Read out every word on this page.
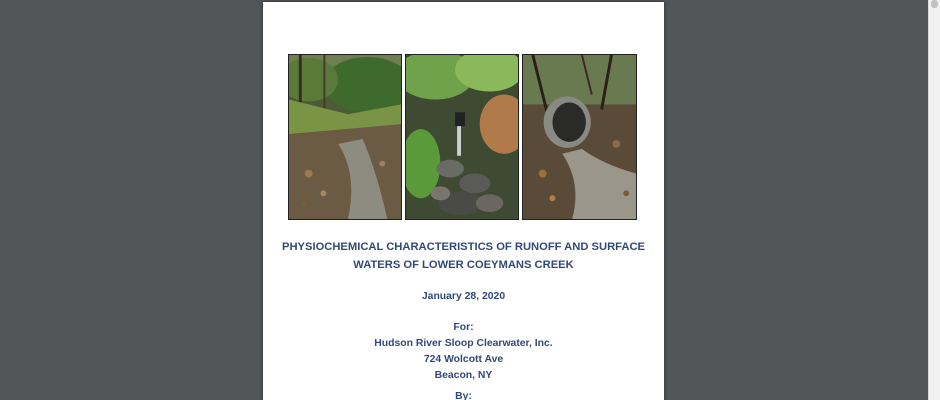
PHYSIOCHEMICAL CHARACTERISTICS OF RUNOFF AND SURFACE
WATERS OF LOWER COEYMANS CREEK
January 28, 2020
For:
Hudson River Sloop Clearwater, Inc.
724 Wolcott Ave
Beacon, NY
By:
